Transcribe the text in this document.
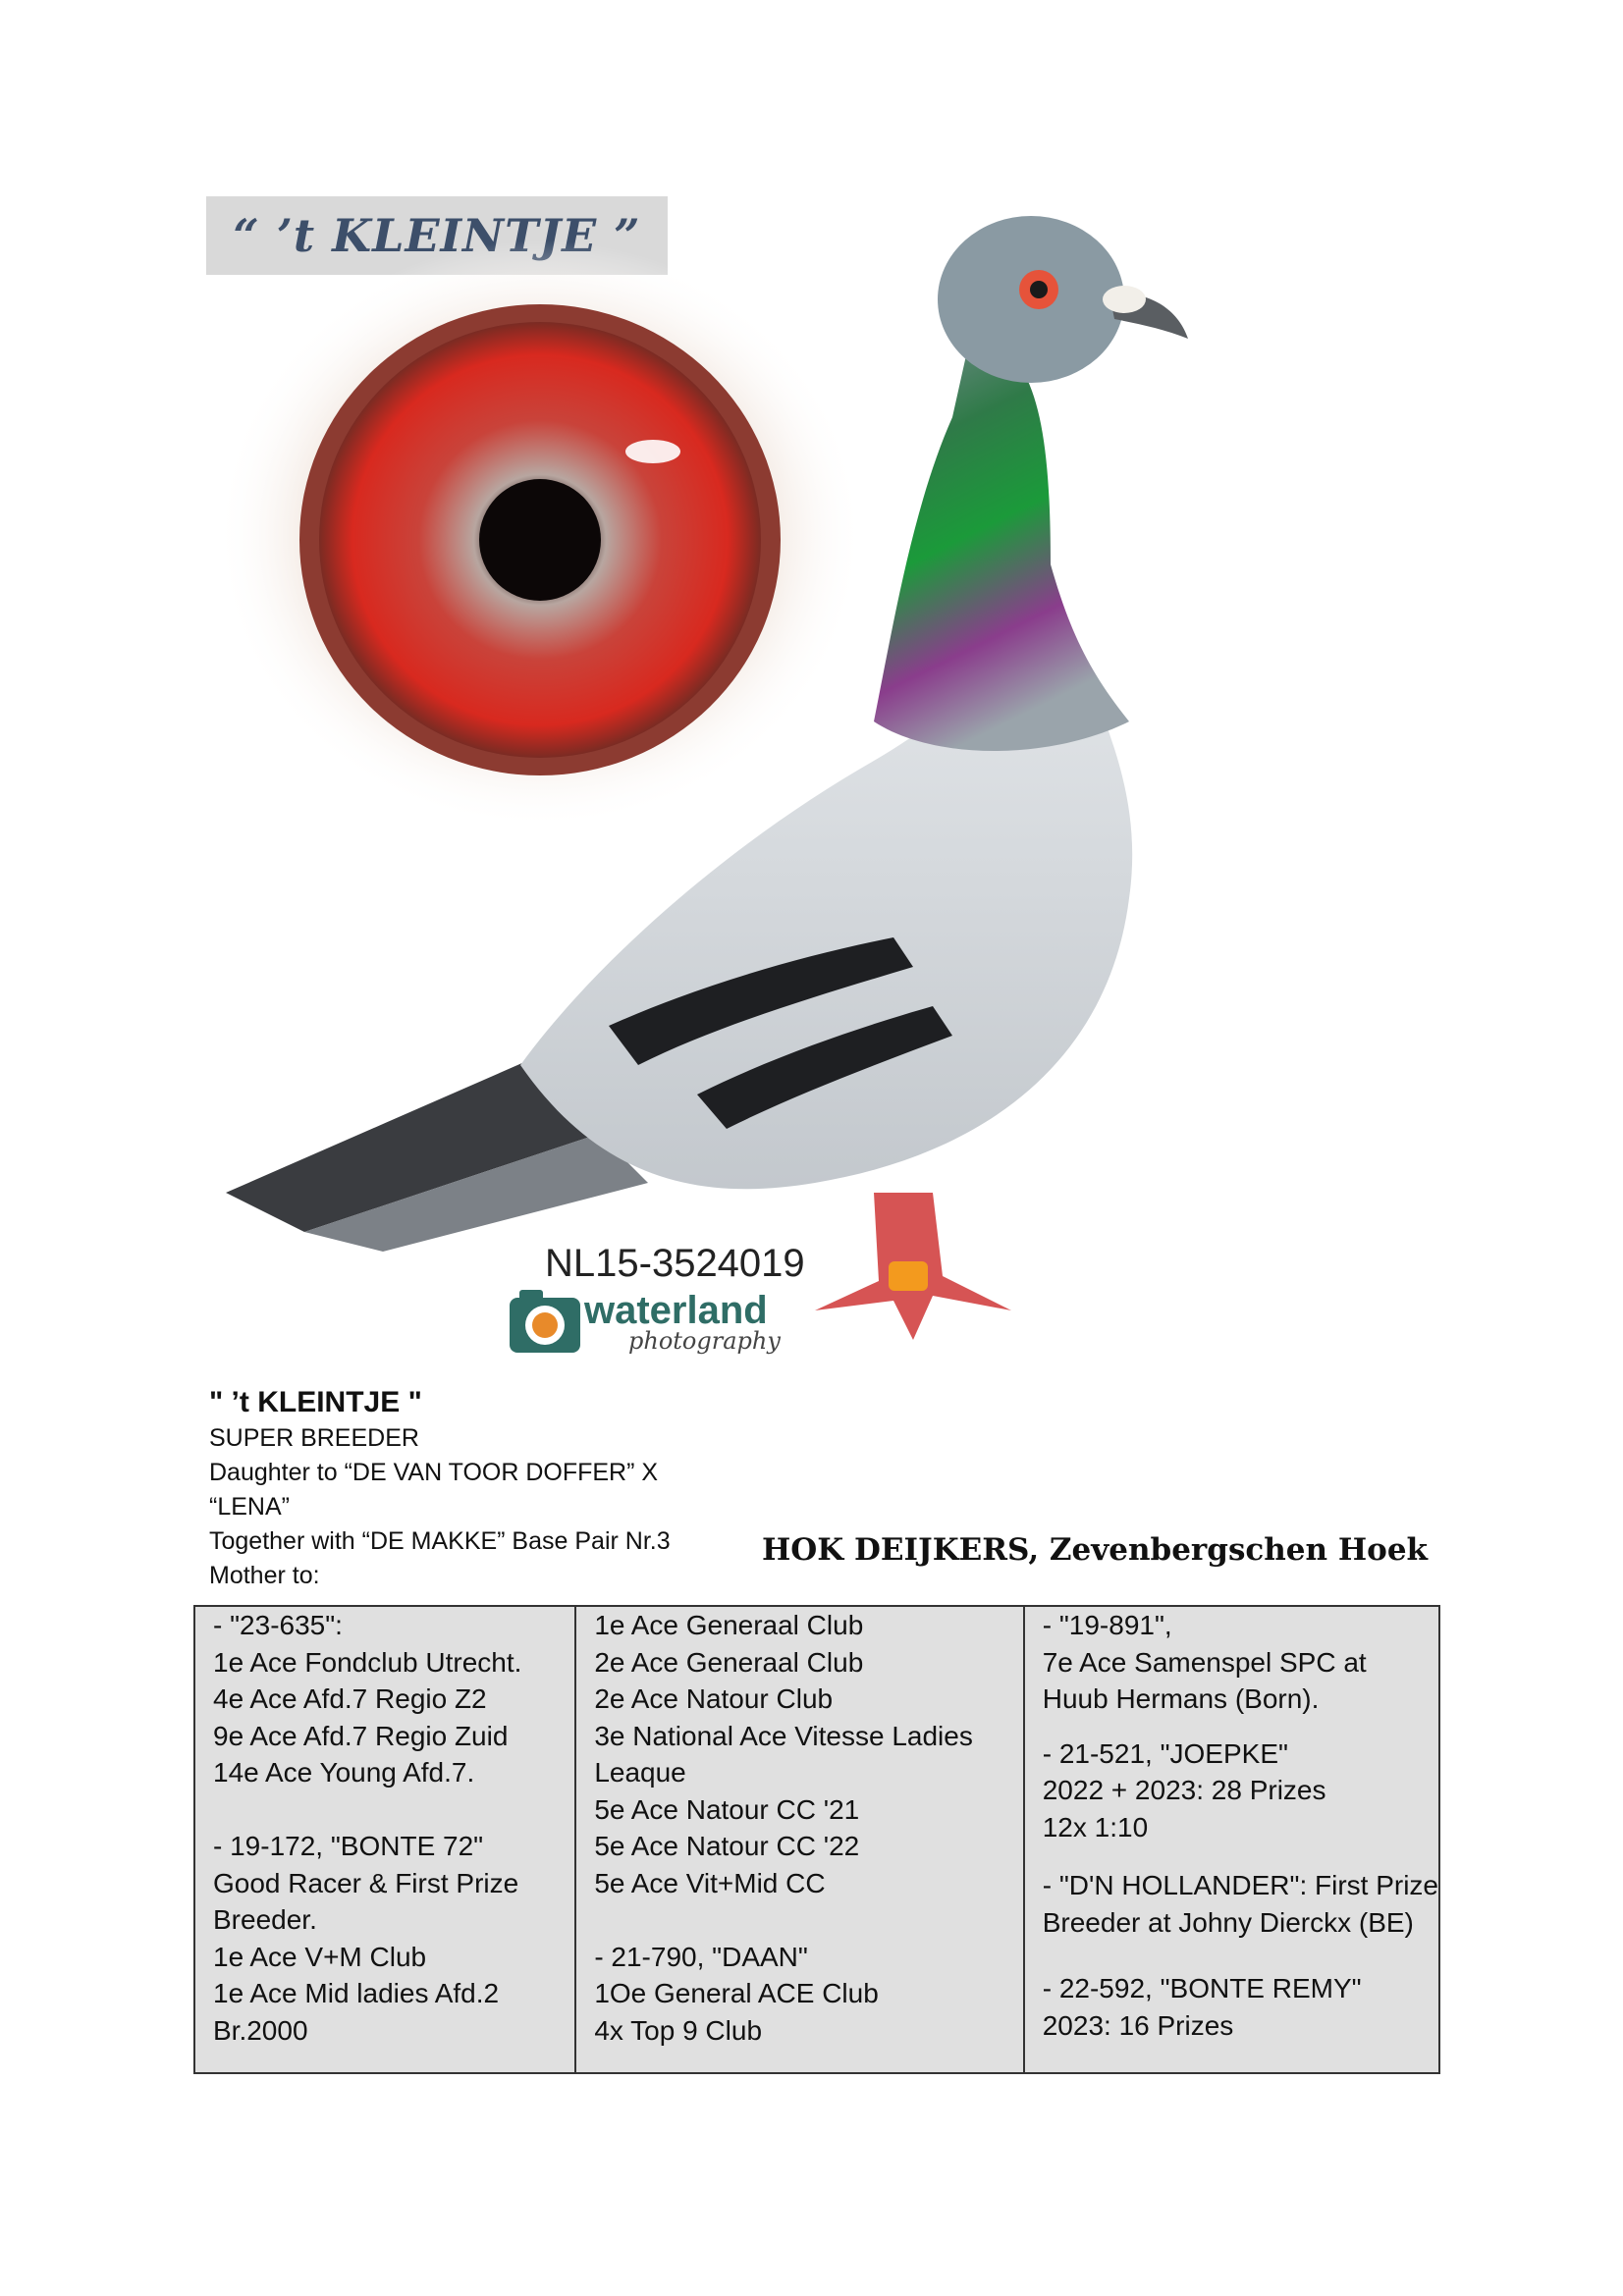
“ ’t KLEINTJE ”
NL15-3524019
waterland
photography
" ’t KLEINTJE "
SUPER BREEDER
Daughter to “DE VAN TOOR DOFFER” X
“LENA”
Together with “DE MAKKE” Base Pair Nr.3
Mother to:
HOK DEIJKERS, Zevenbergschen Hoek
- "23-635":
1e Ace Fondclub Utrecht.
4e Ace Afd.7 Regio Z2
9e Ace Afd.7 Regio Zuid
14e Ace Young Afd.7.
- 19-172, "BONTE 72"
Good Racer & First Prize
Breeder.
1e Ace V+M Club
1e Ace Mid ladies Afd.2
Br.2000

1e Ace Generaal Club
2e Ace Generaal Club
2e Ace Natour Club
3e National Ace Vitesse Ladies
Leaque
5e Ace Natour CC '21
5e Ace Natour CC '22
5e Ace Vit+Mid CC
- 21-790, "DAAN"
1Oe General ACE Club
4x Top 9 Club

- "19-891",
7e Ace Samenspel SPC at
Huub Hermans (Born).
- 21-521, "JOEPKE"
2022 + 2023: 28 Prizes
12x 1:10
- "D'N HOLLANDER": First Prize
Breeder at Johny Dierckx (BE)
- 22-592, "BONTE REMY"
2023: 16 Prizes
